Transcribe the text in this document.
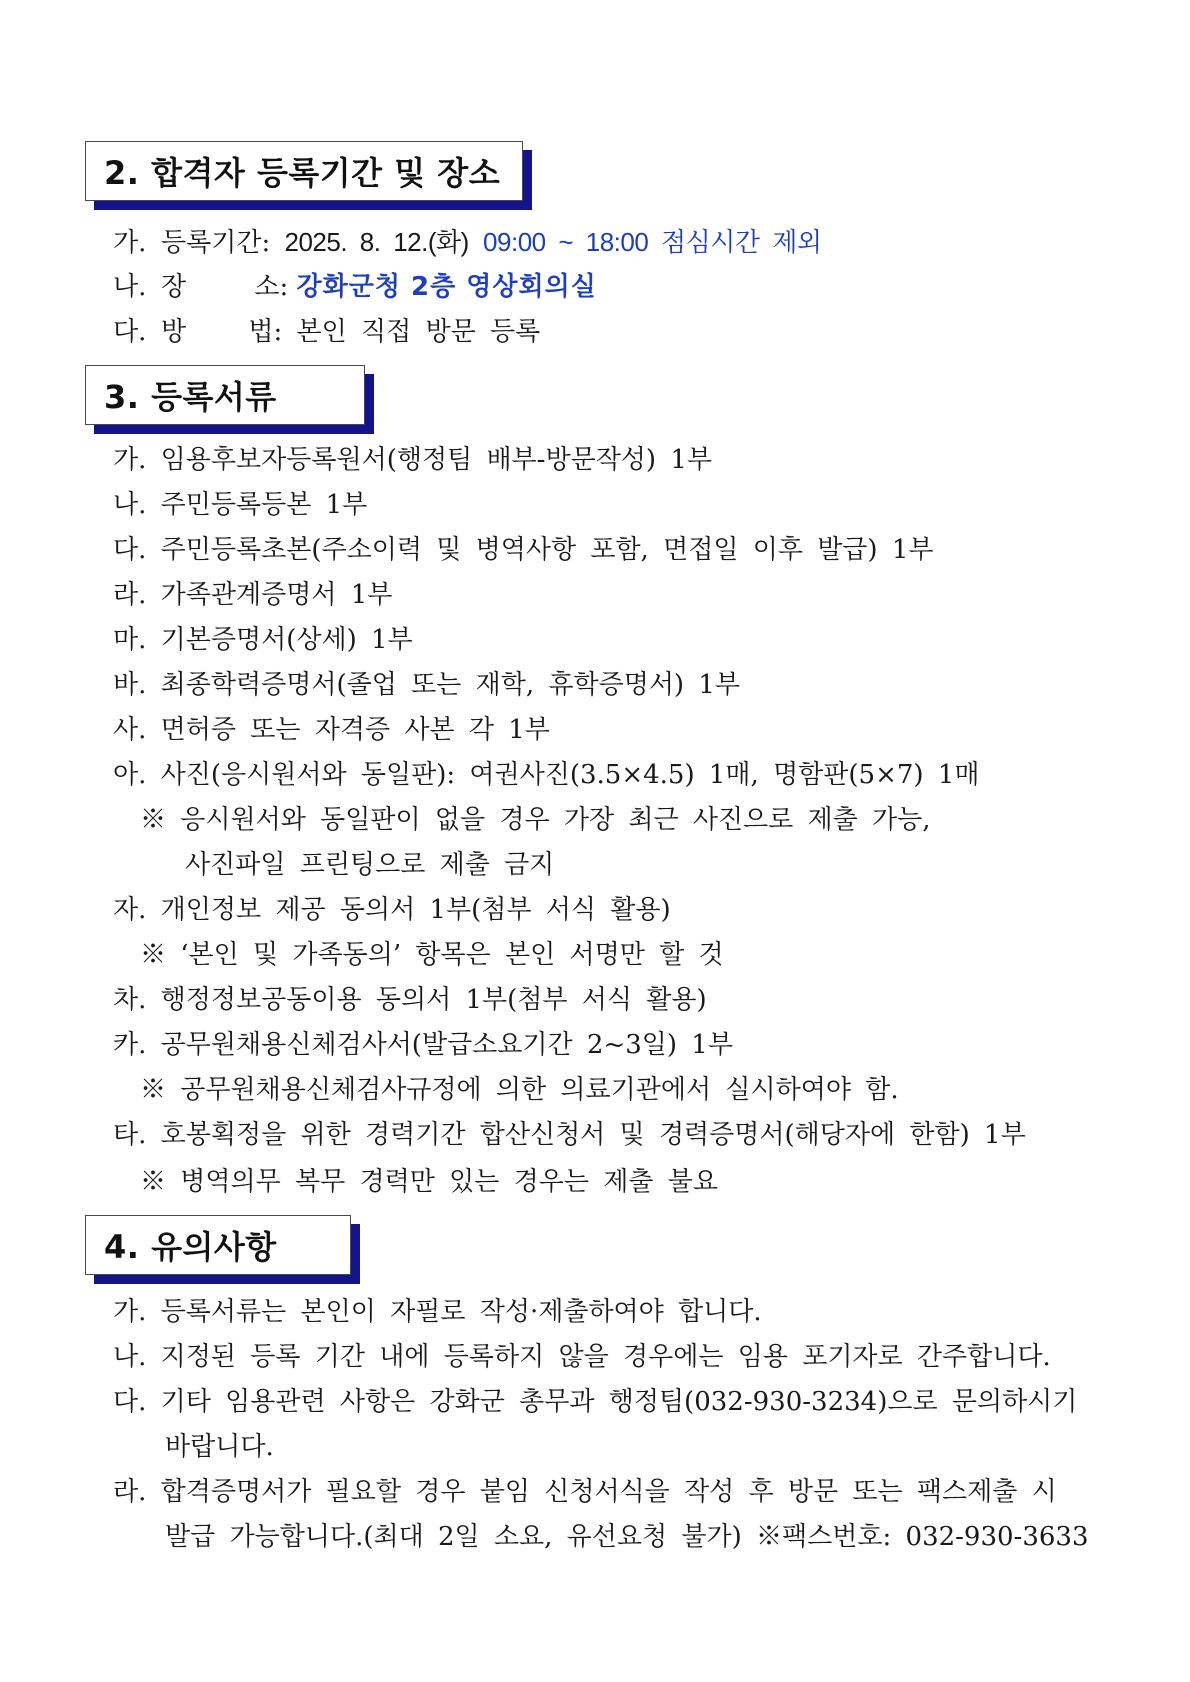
2. 합격자 등록기간 및 장소
가. 등록기간: 2025. 8. 12.(화) 09:00 ~ 18:00 점심시간 제외
나. 장 소: 강화군청 2층 영상회의실
다. 방 법: 본인 직접 방문 등록
3. 등록서류
가. 임용후보자등록원서(행정팀 배부-방문작성) 1부
나. 주민등록등본 1부
다. 주민등록초본(주소이력 및 병역사항 포함, 면접일 이후 발급) 1부
라. 가족관계증명서 1부
마. 기본증명서(상세) 1부
바. 최종학력증명서(졸업 또는 재학, 휴학증명서) 1부
사. 면허증 또는 자격증 사본 각 1부
아. 사진(응시원서와 동일판): 여권사진(3.5×4.5) 1매, 명함판(5×7) 1매
※ 응시원서와 동일판이 없을 경우 가장 최근 사진으로 제출 가능,
사진파일 프린팅으로 제출 금지
자. 개인정보 제공 동의서 1부(첨부 서식 활용)
※ ‘본인 및 가족동의’ 항목은 본인 서명만 할 것
차. 행정정보공동이용 동의서 1부(첨부 서식 활용)
카. 공무원채용신체검사서(발급소요기간 2~3일) 1부
※ 공무원채용신체검사규정에 의한 의료기관에서 실시하여야 함.
타. 호봉획정을 위한 경력기간 합산신청서 및 경력증명서(해당자에 한함) 1부
※ 병역의무 복무 경력만 있는 경우는 제출 불요
4. 유의사항
가. 등록서류는 본인이 자필로 작성·제출하여야 합니다.
나. 지정된 등록 기간 내에 등록하지 않을 경우에는 임용 포기자로 간주합니다.
다. 기타 임용관련 사항은 강화군 총무과 행정팀(032-930-3234)으로 문의하시기
바랍니다.
라. 합격증명서가 필요할 경우 붙임 신청서식을 작성 후 방문 또는 팩스제출 시
발급 가능합니다.(최대 2일 소요, 유선요청 불가) ※팩스번호: 032-930-3633
